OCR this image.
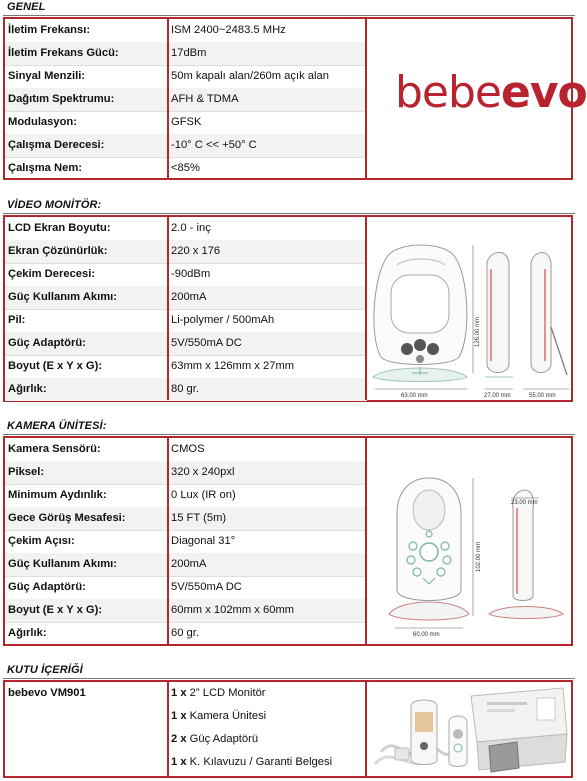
GENEL
İletim Frekansı:	ISM 2400~2483.5 MHz
İletim Frekans Gücü:	17dBm
Sinyal Menzili:	50m kapalı alan/260m açık alan
Dağıtım Spektrumu:	AFH & TDMA
Modulasyon:	GFSK
Çalışma Derecesi:	-10° C << +50° C
Çalışma Nem:	<85%
bebeevo
VİDEO MONİTÖR:
LCD Ekran Boyutu:	2.0 - inç
Ekran Çözünürlük:	220 x 176
Çekim Derecesi:	-90dBm
Güç Kullanım Akımı:	200mA
Pil:	Li-polymer / 500mAh
Güç Adaptörü:	5V/550mA DC
Boyut (E x Y x G):	63mm x 126mm x 27mm
Ağırlık:	80 gr.
126.00 mm
63.00 mm	27.00 mm	55.00 mm
KAMERA ÜNİTESİ:
Kamera Sensörü:	CMOS
Piksel:	320 x 240pxl
Minimum Aydınlık:	0 Lux (IR on)
Gece Görüş Mesafesi:	15 FT (5m)
Çekim Açısı:	Diagonal 31°
Güç Kullanım Akımı:	200mA
Güç Adaptörü:	5V/550mA DC
Boyut (E x Y x G):	60mm x 102mm x 60mm
Ağırlık:	60 gr.
102.00 mm
60.00 mm
23.00 mm
KUTU İÇERİĞİ
bebevo VM901	1 x 2” LCD Monitör
1 x Kamera Ünitesi
2 x Güç Adaptörü
1 x K. Kılavuzu / Garanti Belgesi
